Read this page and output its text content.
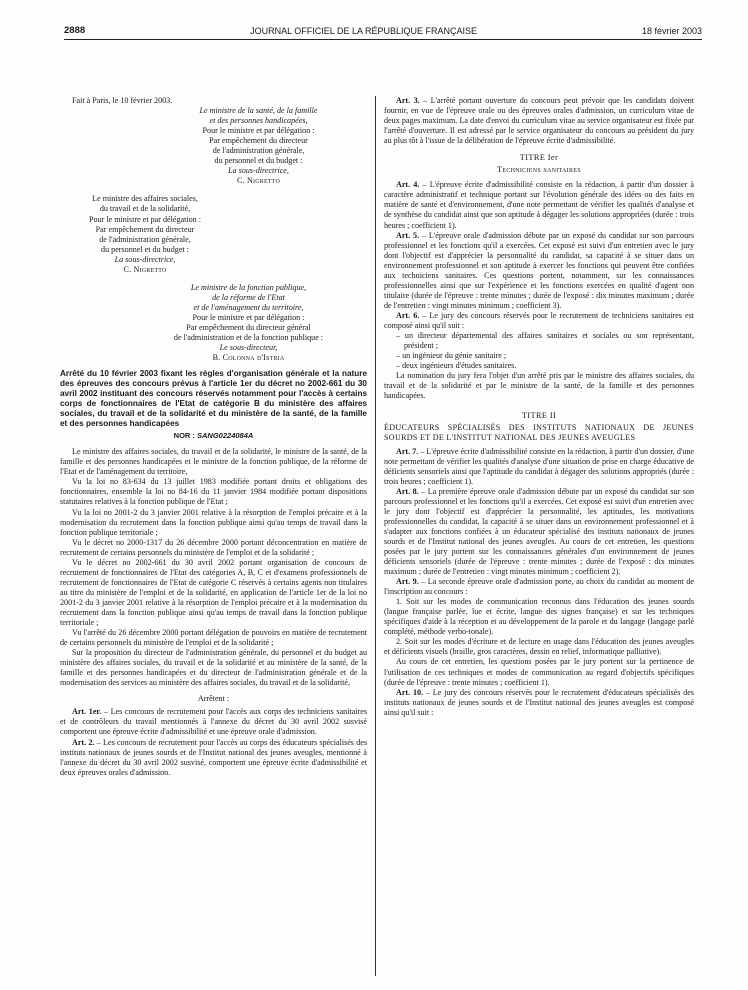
2888	JOURNAL OFFICIEL DE LA RÉPUBLIQUE FRANÇAISE	18 février 2003

Fait à Paris, le 10 février 2003.

Le ministre de la santé, de la famille

et des personnes handicapées,

Pour le ministre et par délégation :

Par empêchement du directeur

de l'administration générale,

du personnel et du budget :

La sous-directrice,

C. Nigretto

Le ministre des affaires sociales,

du travail et de la solidarité,

Pour le ministre et par délégation :

Par empêchement du directeur

de l'administration générale,

du personnel et du budget :

La sous-directrice,

C. Nigretto

Le ministre de la fonction publique,

de la réforme de l'Etat

et de l'aménagement du territoire,

Pour le ministre et par délégation :

Par empêchement du directeur général

de l'administration et de la fonction publique :

Le sous-directeur,

B. Colonna d'Istria

Arrêté du 10 février 2003 fixant les règles d'organisation générale et la nature des épreuves des concours prévus à l'article 1er du décret no 2002-661 du 30 avril 2002 instituant des concours réservés notamment pour l'accès à certains corps de fonctionnaires de l'Etat de catégorie B du ministère des affaires sociales, du travail et de la solidarité et du ministère de la santé, de la famille et des personnes handicapées

NOR : SANG0224084A

Le ministre des affaires sociales, du travail et de la solidarité, le ministre de la santé, de la famille et des personnes handicapées et le ministre de la fonction publique, de la réforme de l'Etat et de l'aménagement du territoire,

Vu la loi no 83-634 du 13 juillet 1983 modifiée portant droits et obligations des fonctionnaires, ensemble la loi no 84-16 du 11 janvier 1984 modifiée portant dispositions statutaires relatives à la fonction publique de l'Etat ;

Vu la loi no 2001-2 du 3 janvier 2001 relative à la résorption de l'emploi précaire et à la modernisation du recrutement dans la fonction publique ainsi qu'au temps de travail dans la fonction publique territoriale ;

Vu le décret no 2000-1317 du 26 décembre 2000 portant déconcentration en matière de recrutement de certains personnels du ministère de l'emploi et de la solidarité ;

Vu le décret no 2002-661 du 30 avril 2002 portant organisation de concours de recrutement de fonctionnaires de l'Etat des catégories A, B, C et d'examens professionnels de recrutement de fonctionnaires de l'Etat de catégorie C réservés à certains agents non titulaires au titre du ministère de l'emploi et de la solidarité, en application de l'article 1er de la loi no 2001-2 du 3 janvier 2001 relative à la résorption de l'emploi précaire et à la modernisation du recrutement dans la fonction publique ainsi qu'au temps de travail dans la fonction publique territoriale ;

Vu l'arrêté du 26 décembre 2000 portant délégation de pouvoirs en matière de recrutement de certains personnels du ministère de l'emploi et de la solidarité ;

Sur la proposition du directeur de l'administration générale, du personnel et du budget au ministère des affaires sociales, du travail et de la solidarité et au ministère de la santé, de la famille et des personnes handicapées et du directeur de l'administration générale et de la modernisation des services au ministère des affaires sociales, du travail et de la solidarité,

Arrêtent :

Art. 1er. – Les concours de recrutement pour l'accès aux corps des techniciens sanitaires et de contrôleurs du travail mentionnés à l'annexe du décret du 30 avril 2002 susvisé comportent une épreuve écrite d'admissibilité et une épreuve orale d'admission.

Art. 2. – Les concours de recrutement pour l'accès au corps des éducateurs spécialisés des instituts nationaux de jeunes sourds et de l'Institut national des jeunes aveugles, mentionné à l'annexe du décret du 30 avril 2002 susvisé, comportent une épreuve écrite d'admissibilité et deux épreuves orales d'admission.

Art. 3. – L'arrêté portant ouverture du concours peut prévoir que les candidats doivent fournir, en vue de l'épreuve orale ou des épreuves orales d'admission, un curriculum vitae de deux pages maximum. La date d'envoi du curriculum vitae au service organisateur est fixée par l'arrêté d'ouverture. Il est adressé par le service organisateur du concours au président du jury au plus tôt à l'issue de la délibération de l'épreuve écrite d'admissibilité.

TITRE Ier

Techniciens sanitaires

Art. 4. – L'épreuve écrite d'admissibilité consiste en la rédaction, à partir d'un dossier à caractère administratif et technique portant sur l'évolution générale des idées ou des faits en matière de santé et d'environnement, d'une note permettant de vérifier les qualités d'analyse et de synthèse du candidat ainsi que son aptitude à dégager les solutions appropriées (durée : trois heures ; coefficient 1).

Art. 5. – L'épreuve orale d'admission débute par un exposé du candidat sur son parcours professionnel et les fonctions qu'il a exercées. Cet exposé est suivi d'un entretien avec le jury dont l'objectif est d'apprécier la personnalité du candidat, sa capacité à se situer dans un environnement professionnel et son aptitude à exercer les fonctions qui peuvent être confiées aux techniciens sanitaires. Ces questions portent, notamment, sur les connaissances professionnelles ainsi que sur l'expérience et les fonctions exercées en qualité d'agent non titulaire (durée de l'épreuve : trente minutes ; durée de l'exposé : dix minutes maximum ; durée de l'entretien : vingt minutes minimum ; coefficient 3).

Art. 6. – Le jury des concours réservés pour le recrutement de techniciens sanitaires est composé ainsi qu'il suit :

– un directeur départemental des affaires sanitaires et sociales ou son représentant, président ;

– un ingénieur du génie sanitaire ;

– deux ingénieurs d'études sanitaires.

La nomination du jury fera l'objet d'un arrêté pris par le ministre des affaires sociales, du travail et de la solidarité et par le ministre de la santé, de la famille et des personnes handicapées.

TITRE II

ÉDUCATEURS SPÉCIALISÉS DES INSTITUTS NATIONAUX DE JEUNES SOURDS ET DE L'INSTITUT NATIONAL DES JEUNES AVEUGLES

Art. 7. – L'épreuve écrite d'admissibilité consiste en la rédaction, à partir d'un dossier, d'une note permettant de vérifier les qualités d'analyse d'une situation de prise en charge éducative de déficients sensoriels ainsi que l'aptitude du candidat à dégager des solutions appropriés (durée : trois heures ; coefficient 1).

Art. 8. – La première épreuve orale d'admission débute par un exposé du candidat sur son parcours professionnel et les fonctions qu'il a exercées. Cet exposé est suivi d'un entretien avec le jury dont l'objectif est d'apprécier la personnalité, les aptitudes, les motivations professionnelles du candidat, la capacité à se situer dans un environnement professionnel et à s'adapter aux fonctions confiées à un éducateur spécialisé des instituts nationaux de jeunes sourds et de l'Institut national des jeunes aveugles. Au cours de cet entretien, les questions posées par le jury portent sur les connaissances générales d'un environnement de jeunes déficients sensoriels (durée de l'épreuve : trente minutes ; durée de l'exposé : dix minutes maximum ; durée de l'entretien : vingt minutes minimum ; coefficient 2).

Art. 9. – La seconde épreuve orale d'admission porte, au choix du candidat au moment de l'inscription au concours :

1. Soit sur les modes de communication reconnus dans l'éducation des jeunes sourds (langue française parlée, lue et écrite, langue des signes française) et sur les techniques spécifiques d'aide à la réception et au développement de la parole et du langage (langage parlé complété, méthode verbo-tonale).

2. Soit sur les modes d'écriture et de lecture en usage dans l'éducation des jeunes aveugles et déficients visuels (braille, gros caractères, dessin en relief, informatique palliative).

Au cours de cet entretien, les questions posées par le jury portent sur la pertinence de l'utilisation de ces techniques et modes de communication au regard d'objectifs spécifiques (durée de l'épreuve : trente minutes ; coefficient 1).

Art. 10. – Le jury des concours réservés pour le recrutement d'éducateurs spécialisés des instituts nationaux de jeunes sourds et de l'Institut national des jeunes aveugles est composé ainsi qu'il suit :
